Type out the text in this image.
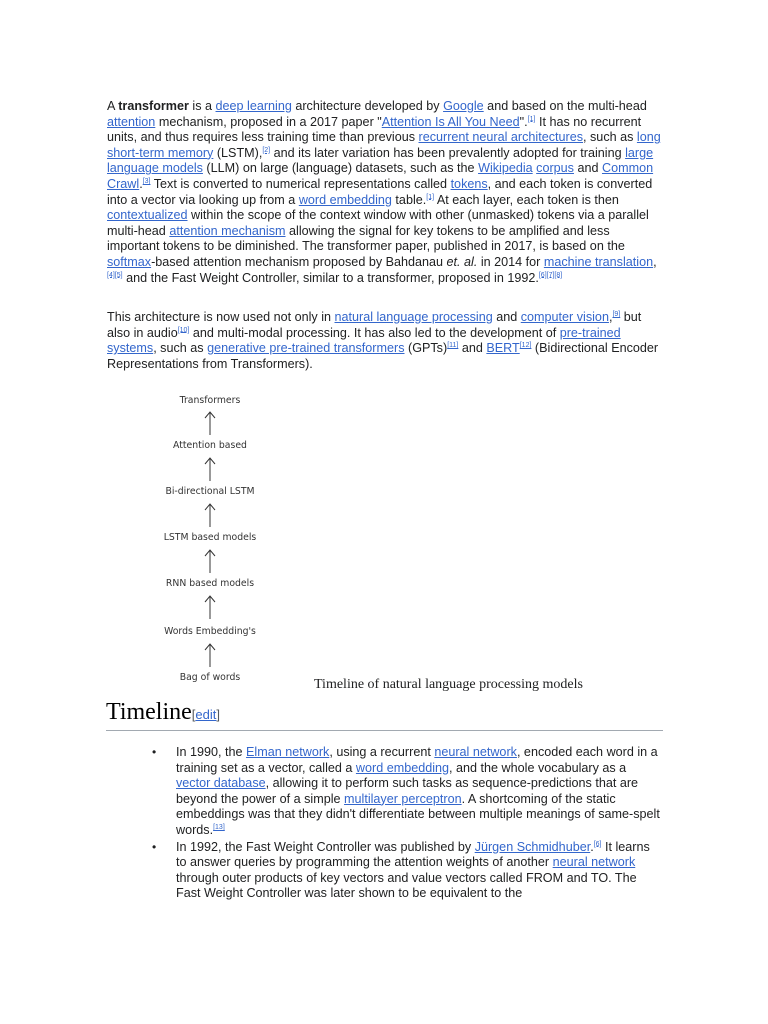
A transformer is a deep learning architecture developed by Google and based on the multi-head attention mechanism, proposed in a 2017 paper "Attention Is All You Need".[1] It has no recurrent units, and thus requires less training time than previous recurrent neural architectures, such as long short-term memory (LSTM),[2] and its later variation has been prevalently adopted for training large language models (LLM) on large (language) datasets, such as the Wikipedia corpus and Common Crawl.[3] Text is converted to numerical representations called tokens, and each token is converted into a vector via looking up from a word embedding table.[1] At each layer, each token is then contextualized within the scope of the context window with other (unmasked) tokens via a parallel multi-head attention mechanism allowing the signal for key tokens to be amplified and less important tokens to be diminished. The transformer paper, published in 2017, is based on the softmax-based attention mechanism proposed by Bahdanau et. al. in 2014 for machine translation,[4][5] and the Fast Weight Controller, similar to a transformer, proposed in 1992.[6][7][8]

This architecture is now used not only in natural language processing and computer vision,[9] but also in audio[10] and multi-modal processing. It has also led to the development of pre-trained systems, such as generative pre-trained transformers (GPTs)[11] and BERT[12] (Bidirectional Encoder Representations from Transformers).

Transformers
Attention based
Bi-directional LSTM
LSTM based models
RNN based models
Words Embedding's
Bag of words	Timeline of natural language processing models
Timeline[edit]
• In 1990, the Elman network, using a recurrent neural network, encoded each word in a training set as a vector, called a word embedding, and the whole vocabulary as a vector database, allowing it to perform such tasks as sequence-predictions that are beyond the power of a simple multilayer perceptron. A shortcoming of the static embeddings was that they didn't differentiate between multiple meanings of same-spelt words.[13]
• In 1992, the Fast Weight Controller was published by Jürgen Schmidhuber.[6] It learns to answer queries by programming the attention weights of another neural network through outer products of key vectors and value vectors called FROM and TO. The Fast Weight Controller was later shown to be equivalent to the
